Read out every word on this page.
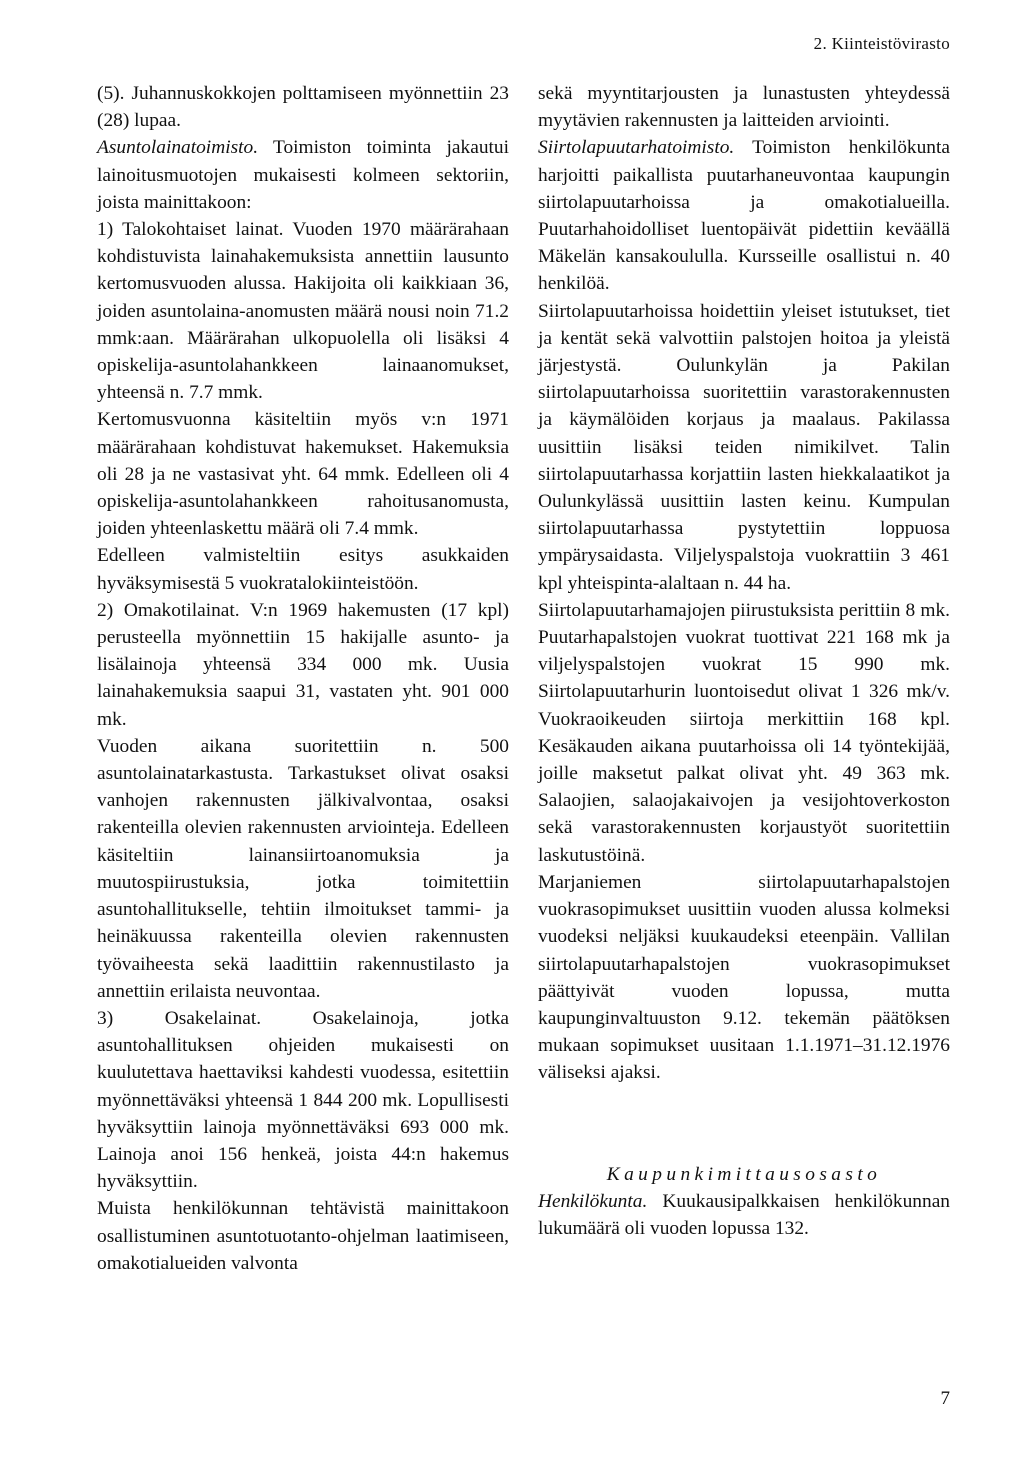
2. Kiinteistövirasto

(5). Juhannuskokkojen polttamiseen myönnettiin 23 (28) lupaa.

Asuntolainatoimisto. Toimiston toiminta jakautui lainoitusmuotojen mukaisesti kolmeen sektoriin, joista mainittakoon:

1) Talokohtaiset lainat. Vuoden 1970 määrärahaan kohdistuvista lainahakemuksista annettiin lausunto kertomusvuoden alussa. Hakijoita oli kaikkiaan 36, joiden asuntolaina-anomusten määrä nousi noin 71.2 mmk:aan. Määrärahan ulkopuolella oli lisäksi 4 opiskelija-asuntolahankkeen lainaanomukset, yhteensä n. 7.7 mmk.

Kertomusvuonna käsiteltiin myös v:n 1971 määrärahaan kohdistuvat hakemukset. Hakemuksia oli 28 ja ne vastasivat yht. 64 mmk. Edelleen oli 4 opiskelija-asuntolahankkeen rahoitusanomusta, joiden yhteenlaskettu määrä oli 7.4 mmk.

Edelleen valmisteltiin esitys asukkaiden hyväksymisestä 5 vuokratalokiinteistöön.

2) Omakotilainat. V:n 1969 hakemusten (17 kpl) perusteella myönnettiin 15 hakijalle asunto- ja lisälainoja yhteensä 334 000 mk. Uusia lainahakemuksia saapui 31, vastaten yht. 901 000 mk.

Vuoden aikana suoritettiin n. 500 asuntolainatarkastusta. Tarkastukset olivat osaksi vanhojen rakennusten jälkivalvontaa, osaksi rakenteilla olevien rakennusten arviointeja. Edelleen käsiteltiin lainansiirtoanomuksia ja muutospiirustuksia, jotka toimitettiin asuntohallitukselle, tehtiin ilmoitukset tammi- ja heinäkuussa rakenteilla olevien rakennusten työvaiheesta sekä laadittiin rakennustilasto ja annettiin erilaista neuvontaa.

3) Osakelainat. Osakelainoja, jotka asuntohallituksen ohjeiden mukaisesti on kuulutettava haettaviksi kahdesti vuodessa, esitettiin myönnettäväksi yhteensä 1 844 200 mk. Lopullisesti hyväksyttiin lainoja myönnettäväksi 693 000 mk. Lainoja anoi 156 henkeä, joista 44:n hakemus hyväksyttiin.

Muista henkilökunnan tehtävistä mainittakoon osallistuminen asuntotuotanto-ohjelman laatimiseen, omakotialueiden valvonta

sekä myyntitarjousten ja lunastusten yhteydessä myytävien rakennusten ja laitteiden arviointi.

Siirtolapuutarhatoimisto. Toimiston henkilökunta harjoitti paikallista puutarhaneuvontaa kaupungin siirtolapuutarhoissa ja omakotialueilla. Puutarhahoidolliset luentopäivät pidettiin keväällä Mäkelän kansakoululla. Kursseille osallistui n. 40 henkilöä.

Siirtolapuutarhoissa hoidettiin yleiset istutukset, tiet ja kentät sekä valvottiin palstojen hoitoa ja yleistä järjestystä. Oulunkylän ja Pakilan siirtolapuutarhoissa suoritettiin varastorakennusten ja käymälöiden korjaus ja maalaus. Pakilassa uusittiin lisäksi teiden nimikilvet. Talin siirtolapuutarhassa korjattiin lasten hiekkalaatikot ja Oulunkylässä uusittiin lasten keinu. Kumpulan siirtolapuutarhassa pystytettiin loppuosa ympärysaidasta. Viljelyspalstoja vuokrattiin 3 461 kpl yhteispinta-alaltaan n. 44 ha.

Siirtolapuutarhamajojen piirustuksista perittiin 8 mk. Puutarhapalstojen vuokrat tuottivat 221 168 mk ja viljelyspalstojen vuokrat 15 990 mk. Siirtolapuutarhurin luontoisedut olivat 1 326 mk/v. Vuokraoikeuden siirtoja merkittiin 168 kpl. Kesäkauden aikana puutarhoissa oli 14 työntekijää, joille maksetut palkat olivat yht. 49 363 mk. Salaojien, salaojakaivojen ja vesijohtoverkoston sekä varastorakennusten korjaustyöt suoritettiin laskutustöinä.

Marjaniemen siirtolapuutarhapalstojen vuokrasopimukset uusittiin vuoden alussa kolmeksi vuodeksi neljäksi kuukaudeksi eteenpäin. Vallilan siirtolapuutarhapalstojen vuokrasopimukset päättyivät vuoden lopussa, mutta kaupunginvaltuuston 9.12. tekemän päätöksen mukaan sopimukset uusitaan 1.1.1971–31.12.1976 väliseksi ajaksi.

Kaupunkimittausosasto

Henkilökunta. Kuukausipalkkaisen henkilökunnan lukumäärä oli vuoden lopussa 132.

7
